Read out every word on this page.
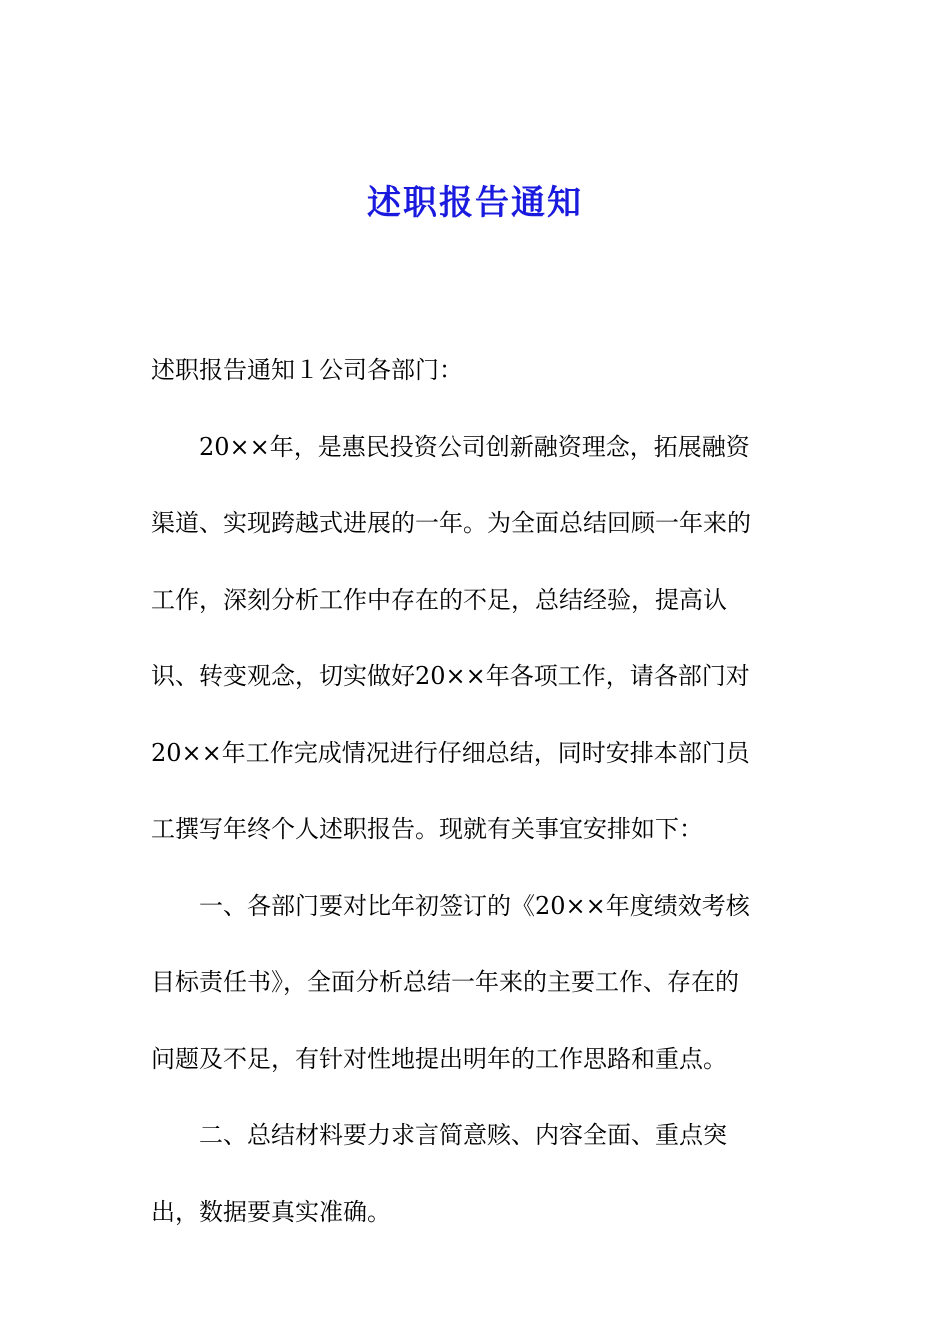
述职报告通知
述职报告通知１公司各部门：
20××年，是惠民投资公司创新融资理念，拓展融资
渠道、实现跨越式进展的一年。为全面总结回顾一年来的
工作，深刻分析工作中存在的不足，总结经验，提高认
识、转变观念，切实做好20××年各项工作，请各部门对
20××年工作完成情况进行仔细总结，同时安排本部门员
工撰写年终个人述职报告。现就有关事宜安排如下：
一、各部门要对比年初签订的《20××年度绩效考核
目标责任书》，全面分析总结一年来的主要工作、存在的
问题及不足，有针对性地提出明年的工作思路和重点。
二、总结材料要力求言简意赅、内容全面、重点突
出，数据要真实准确。
